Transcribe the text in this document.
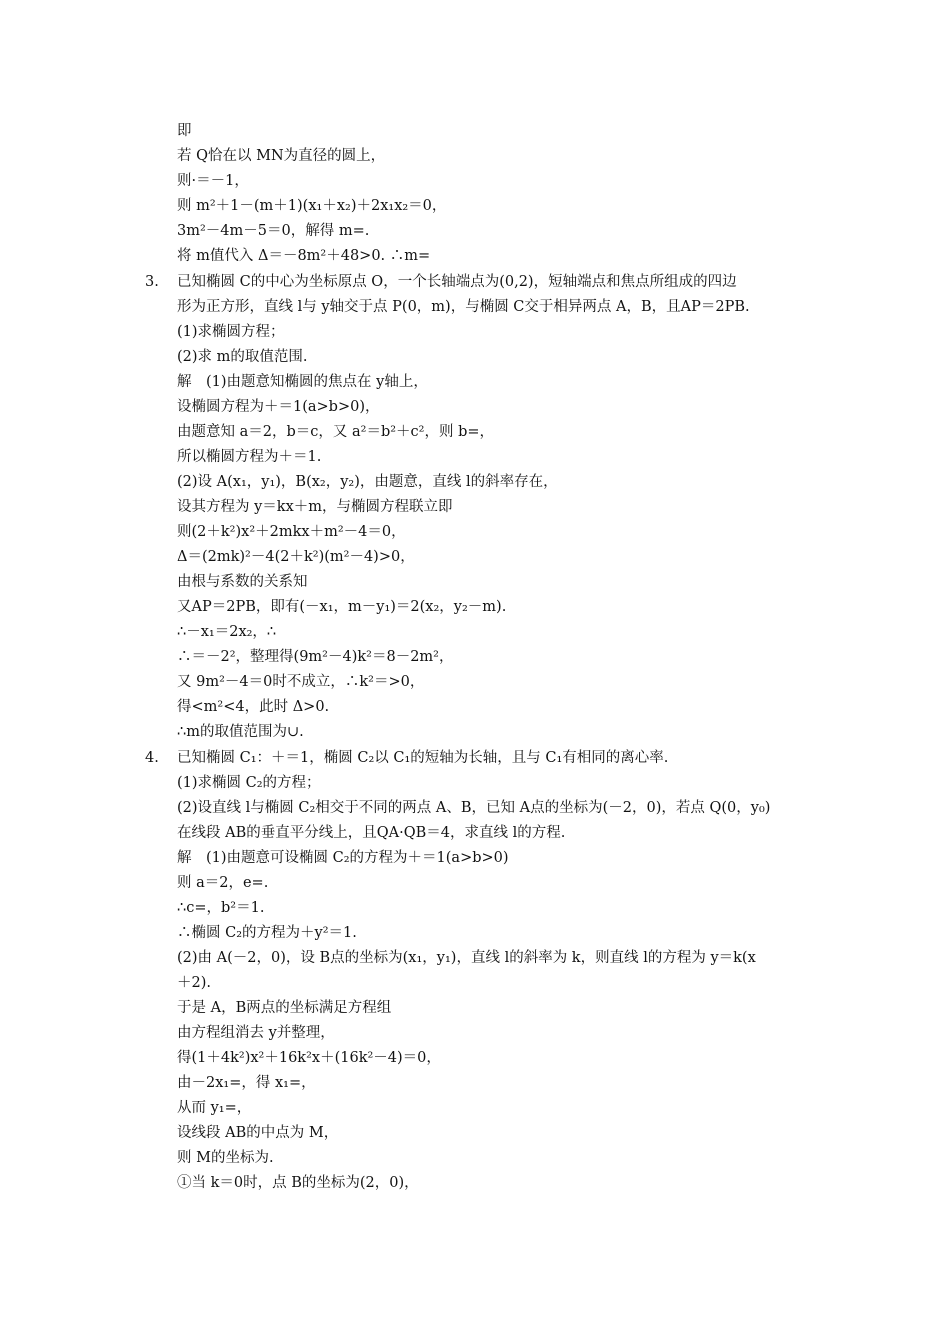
即
若 Q恰在以 MN为直径的圆上，
则·＝－1，
则 m²＋1－(m＋1)(x₁＋x₂)＋2x₁x₂＝0，
3m²－4m－5＝0，解得 m=.
将 m值代入 Δ＝－8m²＋48>0. ∴m=
3. 已知椭圆 C的中心为坐标原点 O，一个长轴端点为(0,2)，短轴端点和焦点所组成的四边
形为正方形，直线 l与 y轴交于点 P(0，m)，与椭圆 C交于相异两点 A，B，且AP＝2PB.
(1)求椭圆方程；
(2)求 m的取值范围.
解　(1)由题意知椭圆的焦点在 y轴上，
设椭圆方程为＋＝1(a>b>0)，
由题意知 a＝2，b＝c，又 a²＝b²＋c²，则 b=，
所以椭圆方程为＋＝1.
(2)设 A(x₁，y₁)，B(x₂，y₂)，由题意，直线 l的斜率存在，
设其方程为 y＝kx＋m，与椭圆方程联立即
则(2＋k²)x²＋2mkx＋m²－4＝0，
Δ＝(2mk)²－4(2＋k²)(m²－4)>0，
由根与系数的关系知
又AP＝2PB，即有(－x₁，m－y₁)＝2(x₂，y₂－m).
∴－x₁＝2x₂，∴
∴＝－2²，整理得(9m²－4)k²＝8－2m²，
又 9m²－4＝0时不成立，∴k²＝>0，
得<m²<4，此时 Δ>0.
∴m的取值范围为∪.
4. 已知椭圆 C₁：＋＝1，椭圆 C₂以 C₁的短轴为长轴，且与 C₁有相同的离心率.
(1)求椭圆 C₂的方程；
(2)设直线 l与椭圆 C₂相交于不同的两点 A、B，已知 A点的坐标为(－2，0)，若点 Q(0，y₀)
在线段 AB的垂直平分线上，且QA·QB＝4，求直线 l的方程.
解　(1)由题意可设椭圆 C₂的方程为＋＝1(a>b>0)
则 a＝2，e=.
∴c=，b²＝1.
∴椭圆 C₂的方程为＋y²＝1.
(2)由 A(－2，0)，设 B点的坐标为(x₁，y₁)，直线 l的斜率为 k，则直线 l的方程为 y＝k(x
＋2).
于是 A，B两点的坐标满足方程组
由方程组消去 y并整理，
得(1＋4k²)x²＋16k²x＋(16k²－4)＝0，
由－2x₁=，得 x₁=，
从而 y₁=，
设线段 AB的中点为 M，
则 M的坐标为.
①当 k＝0时，点 B的坐标为(2，0)，
